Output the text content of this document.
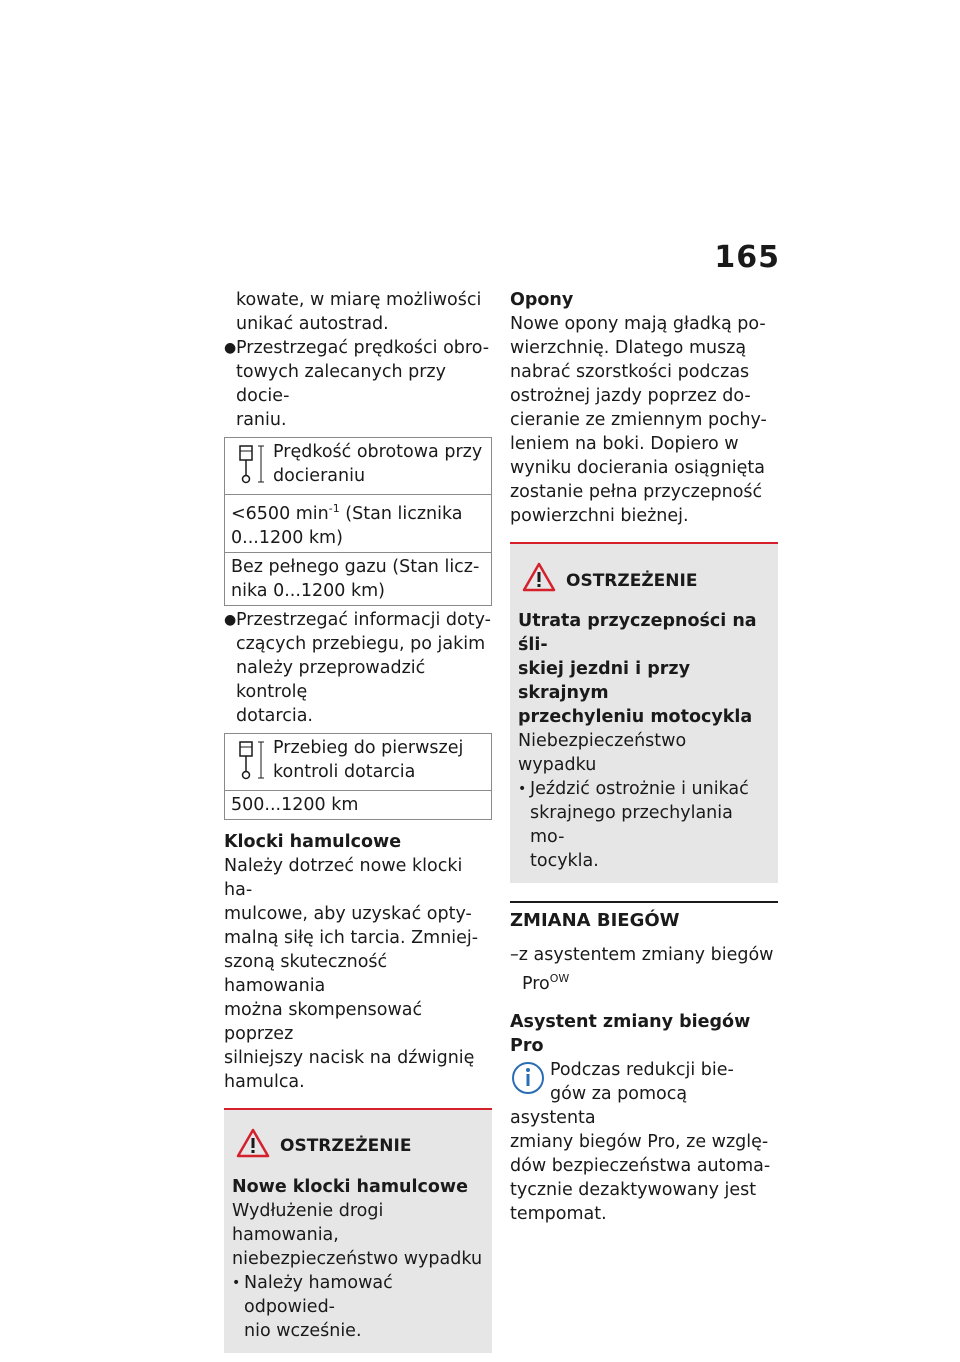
165
kowate, w miarę możliwości
unikać autostrad.
● Przestrzegać prędkości obro-
towych zalecanych przy docie-
raniu.
Prędkość obrotowa przy
docieraniu
<6500 $\min^{-1} (Stan$ licznika
0...1200 km)
Bez pełnego gazu (Stan licz-
nika 0...1200 km)
● Przestrzegać informacji doty-
czących przebiegu, po jakim
należy przeprowadzić kontrolę
dotarcia.
Przebieg do pierwszej
kontroli dotarcia
500...1200 km
Klocki hamulcowe
Należy dotrzeć nowe klocki ha-
mulcowe, aby uzyskać opty-
malną siłę ich tarcia. Zmniej-
szoną skuteczność hamowania
można skompensować poprzez
silniejszy nacisk na dźwignię
hamulca.
OSTRZEŻENIE
Nowe klocki hamulcowe
Wydłużenie drogi hamowania,
niebezpieczeństwo wypadku
• Należy hamować odpowied-
nio wcześnie.
Opony
Nowe opony mają gładką po-
wierzchnię. Dlatego muszą
nabrać szorstkości podczas
ostrożnej jazdy poprzez do-
cieranie ze zmiennym pochy-
leniem na boki. Dopiero w
wyniku docierania osiągnięta
zostanie pełna przyczepność
powierzchni bieżnej.
OSTRZEŻENIE
Utrata przyczepności na śli-
skiej jezdni i przy skrajnym
przechyleniu motocykla
Niebezpieczeństwo wypadku
• Jeździć ostrożnie i unikać
skrajnego przechylania mo-
tocykla.
ZMIANA BIEGÓW
–z asystentem zmiany biegów
Pro$^{OW}$
Asystent zmiany biegów Pro
Podczas redukcji bie-
gów za pomocą asystenta
zmiany biegów Pro, ze wzglę-
dów bezpieczeństwa automa-
tycznie dezaktywowany jest
tempomat.
